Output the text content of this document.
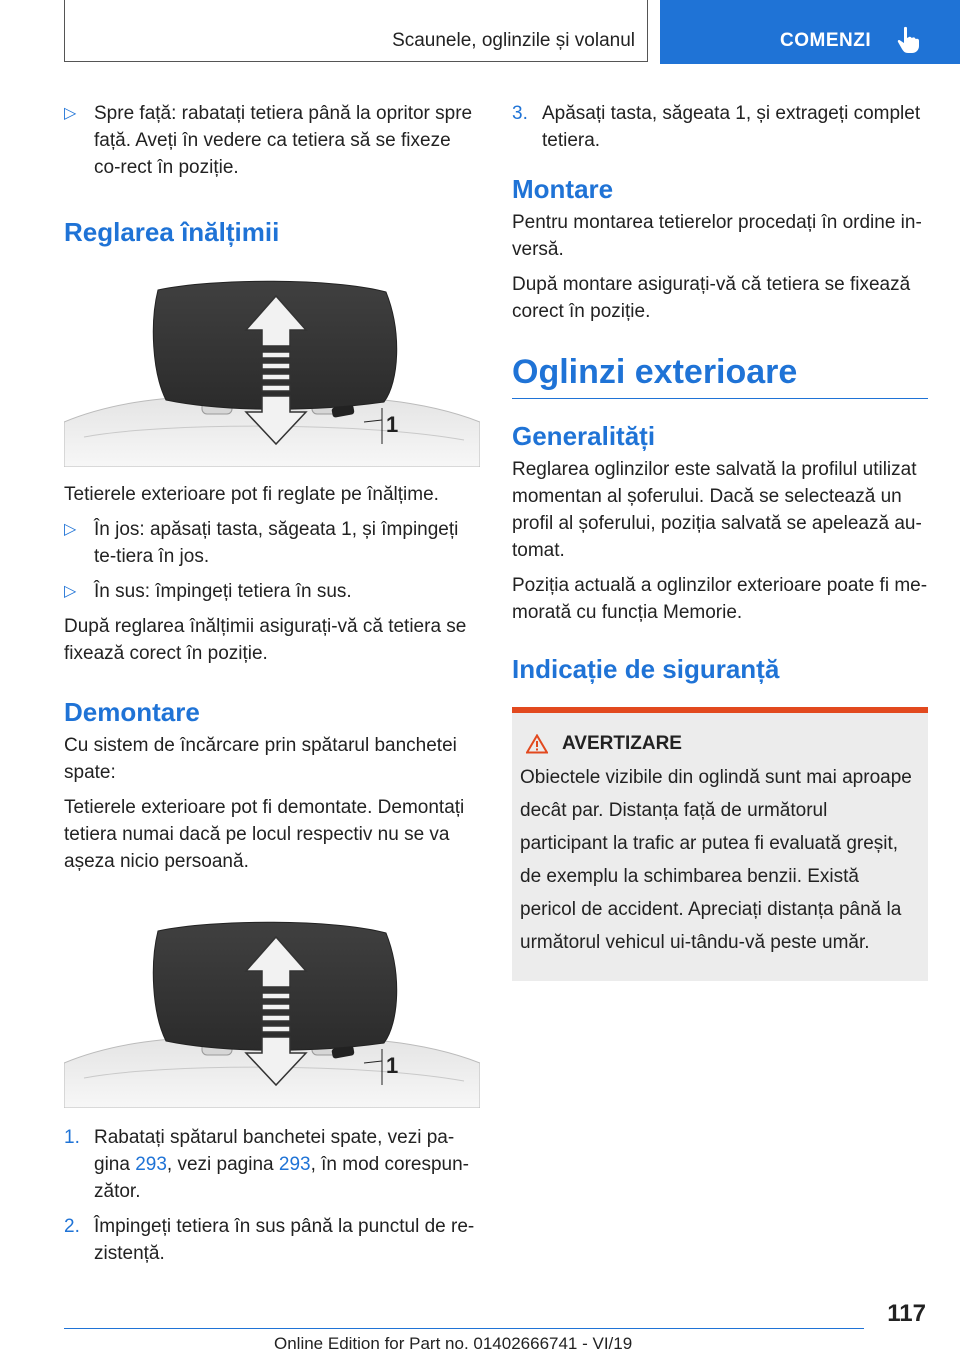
Scaunele, oglinzile și volanul	COMENZI
▷ Spre față: rabatați tetiera până la opritor spre față. Aveți în vedere ca tetiera să se fixeze co‐rect în poziție.
Reglarea înălțimii
1

Tetierele exterioare pot fi reglate pe înălțime.

▷ În jos: apăsați tasta, săgeata 1, și împingeți te‐tiera în jos.
▷ În sus: împingeți tetiera în sus.

După reglarea înălțimii asigurați-vă că tetiera se fixează corect în poziție.

Demontare

Cu sistem de încărcare prin spătarul banchetei spate:

Tetierele exterioare pot fi demontate. Demontați tetiera numai dacă pe locul respectiv nu se va așeza nicio persoană.

1
1. Rabatați spătarul banchetei spate, vezi pa‐gina 293, vezi pagina 293, în mod corespun‐zător.
2. Împingeți tetiera în sus până la punctul de re‐zistență.
3. Apăsați tasta, săgeata 1, și extrageți complet tetiera.
Montare

Pentru montarea tetierelor procedați în ordine in‐versă.

După montare asigurați-vă că tetiera se fixează corect în poziție.

Oglinzi exterioare
Generalități

Reglarea oglinzilor este salvată la profilul utilizat momentan al șoferului. Dacă se selectează un profil al șoferului, poziția salvată se apelează au‐tomat.

Poziția actuală a oglinzilor exterioare poate fi me‐morată cu funcția Memorie.

Indicație de siguranță
AVERTIZARE

Obiectele vizibile din oglindă sunt mai aproape decât par. Distanța față de următorul participant la trafic ar putea fi evaluată greșit, de exemplu la schimbarea benzii. Există pericol de accident. Apreciați distanța până la următorul vehicul ui‐tându-vă peste umăr.

117
Online Edition for Part no. 01402666741 - VI/19
